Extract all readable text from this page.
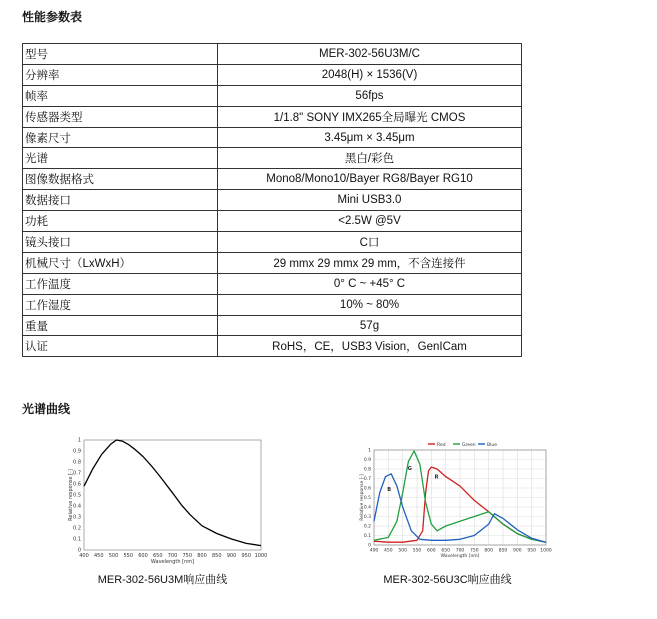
性能参数表
型号	MER-302-56U3M/C
分辨率	2048(H) × 1536(V)
帧率	56fps
传感器类型	1/1.8" SONY IMX265全局曝光 CMOS
像素尺寸	3.45μm × 3.45μm
光谱	黑白/彩色
图像数据格式	Mono8/Mono10/Bayer RG8/Bayer RG10
数据接口	Mini USB3.0
功耗	<2.5W @5V
镜头接口	C口
机械尺寸（LxWxH）	29 mmx 29 mmx 29 mm，不含连接件
工作温度	0° C ~ +45° C
工作湿度	10% ~ 80%
重量	57g
认证	RoHS，CE，USB3 Vision，GenICam
光谱曲线
400 450 500 550 600 650 700 750 800 850 900 950 1000
0
0.1
0.2
0.3
0.4
0.5
0.6
0.7
0.8
0.9
1
Wavelength [nm]
Relative response [-]
MER-302-56U3M响应曲线
400 450 500 550 600 650 700 750 800 850 900 950 1000
0
0.1
0.2
0.3
0.4
0.5
0.6
0.7
0.8
0.9
1
Wavelength [nm]
Relative response [-]
Red	Green	Blue
B
G
R
MER-302-56U3C响应曲线
